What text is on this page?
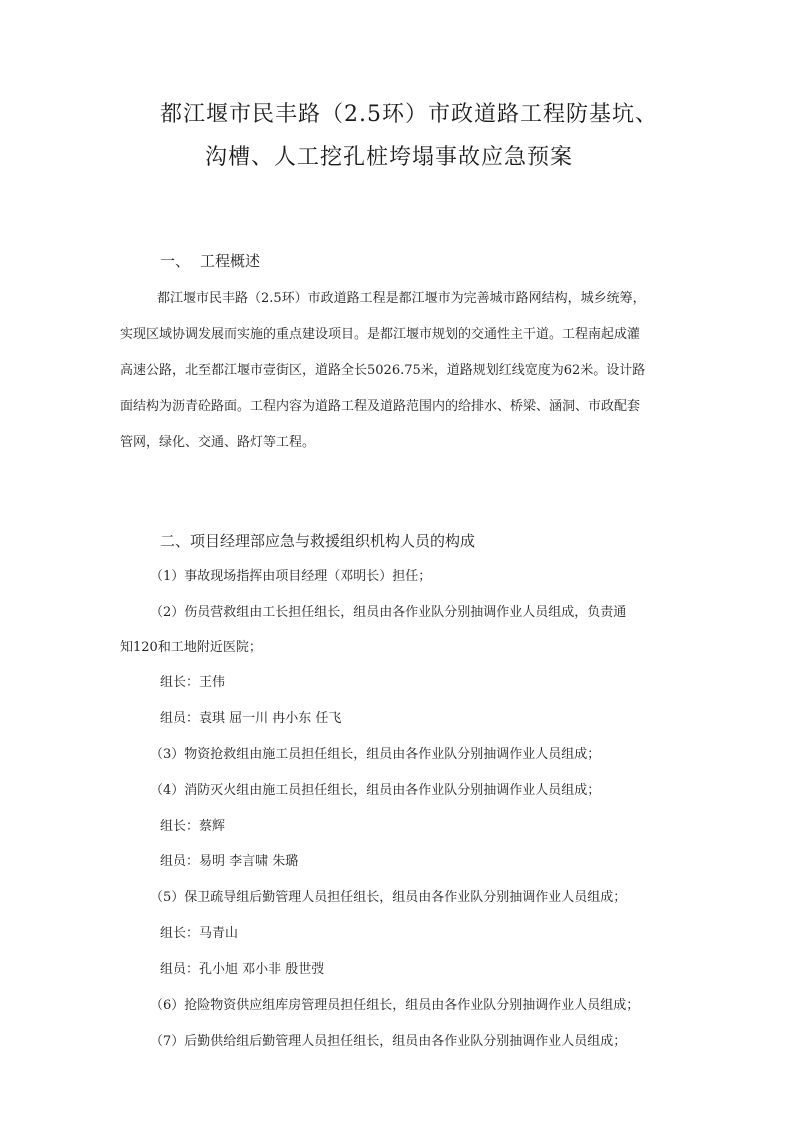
都江堰市民丰路（2.5环）市政道路工程防基坑、
沟槽、人工挖孔桩垮塌事故应急预案
一、 工程概述
都江堰市民丰路（2.5环）市政道路工程是都江堰市为完善城市路网结构，城乡统筹，
实现区域协调发展而实施的重点建设项目。是都江堰市规划的交通性主干道。工程南起成灌
高速公路，北至都江堰市壹街区，道路全长5026.75米，道路规划红线宽度为62米。设计路
面结构为沥青砼路面。工程内容为道路工程及道路范围内的给排水、桥梁、涵洞、市政配套
管网，绿化、交通、路灯等工程。
二、项目经理部应急与救援组织机构人员的构成
（1）事故现场指挥由项目经理（邓明长）担任；
（2）伤员营救组由工长担任组长，组员由各作业队分别抽调作业人员组成，负责通
知120和工地附近医院；
组长：王伟
组员：袁琪 屈一川 冉小东 任飞
（3）物资抢救组由施工员担任组长，组员由各作业队分别抽调作业人员组成；
（4）消防灭火组由施工员担任组长，组员由各作业队分别抽调作业人员组成；
组长：蔡辉
组员：易明 李言啸 朱璐
（5）保卫疏导组后勤管理人员担任组长，组员由各作业队分别抽调作业人员组成；
组长：马青山
组员：孔小旭 邓小非 殷世弢
（6）抢险物资供应组库房管理员担任组长，组员由各作业队分别抽调作业人员组成；
（7）后勤供给组后勤管理人员担任组长，组员由各作业队分别抽调作业人员组成；
